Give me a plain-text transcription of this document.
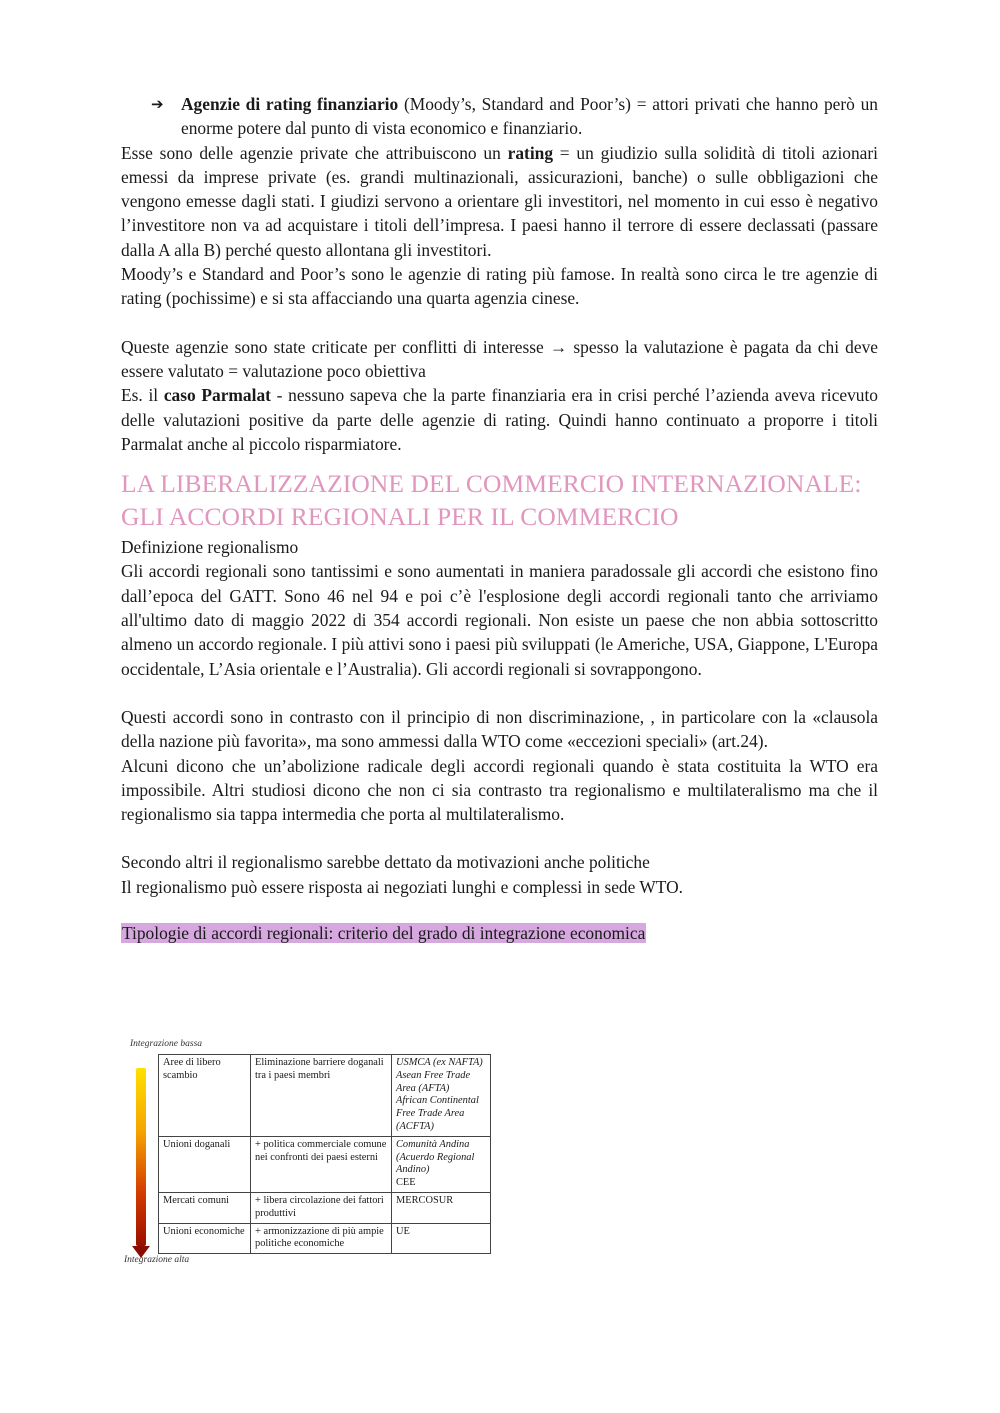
➔	Agenzie di rating finanziario (Moody’s, Standard and Poor’s) = attori privati che hanno però un enorme potere dal punto di vista economico e finanziario.

Esse sono delle agenzie private che attribuiscono un rating = un giudizio sulla solidità di titoli azionari emessi da imprese private (es. grandi multinazionali, assicurazioni, banche) o sulle obbligazioni che vengono emesse dagli stati. I giudizi servono a orientare gli investitori, nel momento in cui esso è negativo l’investitore non va ad acquistare i titoli dell’impresa. I paesi hanno il terrore di essere declassati (passare dalla A alla B) perché questo allontana gli investitori.

Moody’s e Standard and Poor’s sono le agenzie di rating più famose. In realtà sono circa le tre agenzie di rating (pochissime) e si sta affacciando una quarta agenzia cinese.

Queste agenzie sono state criticate per conflitti di interesse → spesso la valutazione è pagata da chi deve essere valutato = valutazione poco obiettiva

Es. il caso Parmalat - nessuno sapeva che la parte finanziaria era in crisi perché l’azienda aveva ricevuto delle valutazioni positive da parte delle agenzie di rating. Quindi hanno continuato a proporre i titoli Parmalat anche al piccolo risparmiatore.

LA LIBERALIZZAZIONE DEL COMMERCIO INTERNAZIONALE: GLI ACCORDI REGIONALI PER IL COMMERCIO

Definizione regionalismo

Gli accordi regionali sono tantissimi e sono aumentati in maniera paradossale gli accordi che esistono fino dall’epoca del GATT. Sono 46 nel 94 e poi c’è l'esplosione degli accordi regionali tanto che arriviamo all'ultimo dato di maggio 2022 di 354 accordi regionali. Non esiste un paese che non abbia sottoscritto almeno un accordo regionale. I più attivi sono i paesi più sviluppati (le Americhe, USA, Giappone, L'Europa occidentale, L’Asia orientale e l’Australia). Gli accordi regionali si sovrappongono.

Questi accordi sono in contrasto con il principio di non discriminazione, , in particolare con la «clausola della nazione più favorita», ma sono ammessi dalla WTO come «eccezioni speciali» (art.24).

Alcuni dicono che un’abolizione radicale degli accordi regionali quando è stata costituita la WTO era impossibile. Altri studiosi dicono che non ci sia contrasto tra regionalismo e multilateralismo ma che il regionalismo sia tappa intermedia che porta al multilateralismo.

Secondo altri il regionalismo sarebbe dettato da motivazioni anche politiche

Il regionalismo può essere risposta ai negoziati lunghi e complessi in sede WTO.

Tipologie di accordi regionali: criterio del grado di integrazione economica

Integrazione bassa
Aree di libero scambio	Eliminazione barriere doganali tra i paesi membri	USMCA (ex NAFTA)
Asean Free Trade Area (AFTA)
African Continental Free Trade Area (ACFTA)

Unioni doganali	+ politica commerciale comune nei confronti dei paesi esterni	Comunità Andina (Acuerdo Regional Andino)
CEE

Mercati comuni	+ libera circolazione dei fattori produttivi	MERCOSUR

Unioni economiche	+ armonizzazione di più ampie politiche economiche	UE
Integrazione alta
